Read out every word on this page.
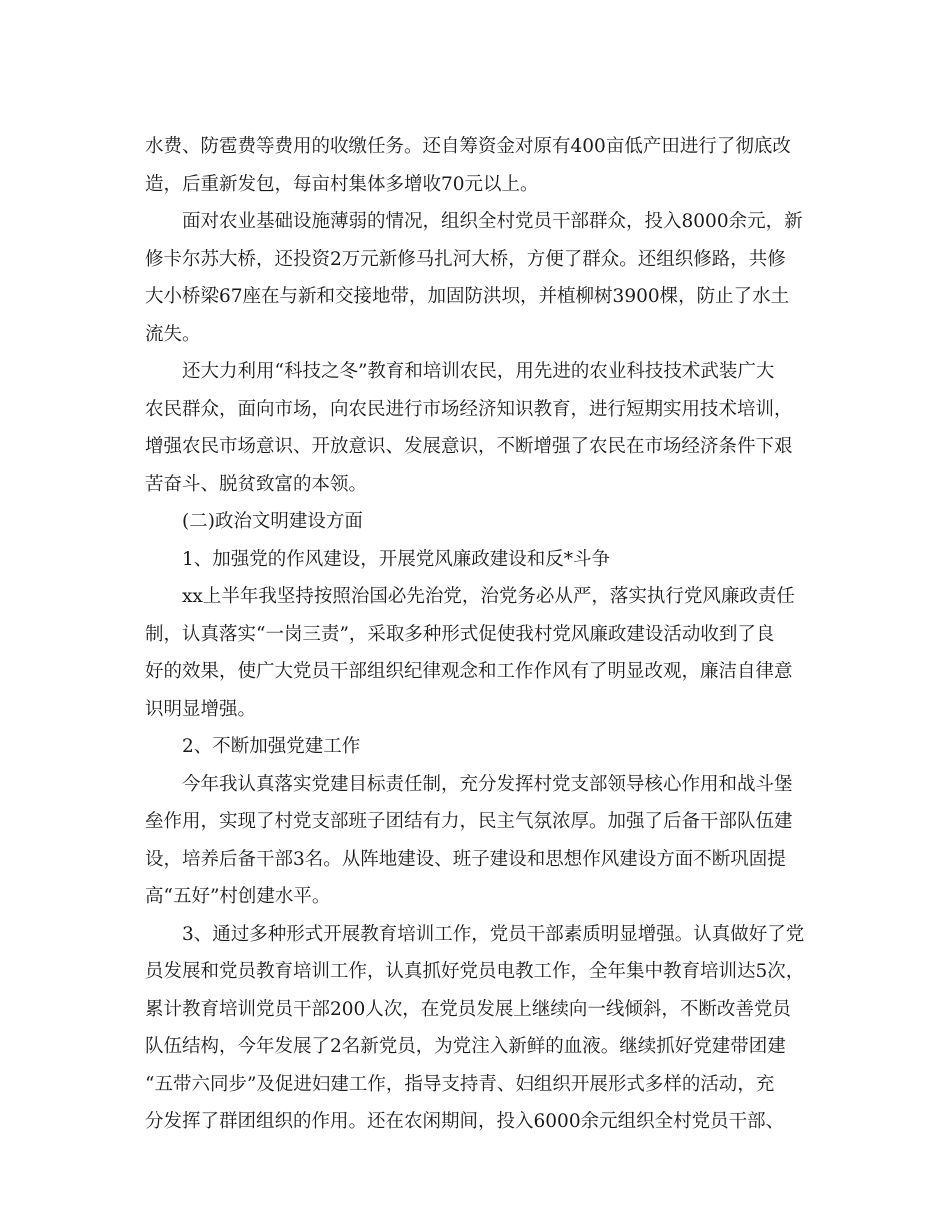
水费、防雹费等费用的收缴任务。还自筹资金对原有400亩低产田进行了彻底改
造，后重新发包，每亩村集体多增收70元以上。
面对农业基础设施薄弱的情况，组织全村党员干部群众，投入8000余元，新
修卡尔苏大桥，还投资2万元新修马扎河大桥，方便了群众。还组织修路，共修
大小桥梁67座在与新和交接地带，加固防洪坝，并植柳树3900棵，防止了水土
流失。
还大力利用“科技之冬”教育和培训农民，用先进的农业科技技术武装广大
农民群众，面向市场，向农民进行市场经济知识教育，进行短期实用技术培训，
增强农民市场意识、开放意识、发展意识，不断增强了农民在市场经济条件下艰
苦奋斗、脱贫致富的本领。
(二)政治文明建设方面
1、加强党的作风建设，开展党风廉政建设和反*斗争
xx上半年我坚持按照治国必先治党，治党务必从严，落实执行党风廉政责任
制，认真落实“一岗三责”，采取多种形式促使我村党风廉政建设活动收到了良
好的效果，使广大党员干部组织纪律观念和工作作风有了明显改观，廉洁自律意
识明显增强。
2、不断加强党建工作
今年我认真落实党建目标责任制，充分发挥村党支部领导核心作用和战斗堡
垒作用，实现了村党支部班子团结有力，民主气氛浓厚。加强了后备干部队伍建
设，培养后备干部3名。从阵地建设、班子建设和思想作风建设方面不断巩固提
高“五好”村创建水平。
3、通过多种形式开展教育培训工作，党员干部素质明显增强。认真做好了党
员发展和党员教育培训工作，认真抓好党员电教工作，全年集中教育培训达5次，
累计教育培训党员干部200人次，在党员发展上继续向一线倾斜，不断改善党员
队伍结构，今年发展了2名新党员，为党注入新鲜的血液。继续抓好党建带团建
“五带六同步”及促进妇建工作，指导支持青、妇组织开展形式多样的活动，充
分发挥了群团组织的作用。还在农闲期间，投入6000余元组织全村党员干部、
